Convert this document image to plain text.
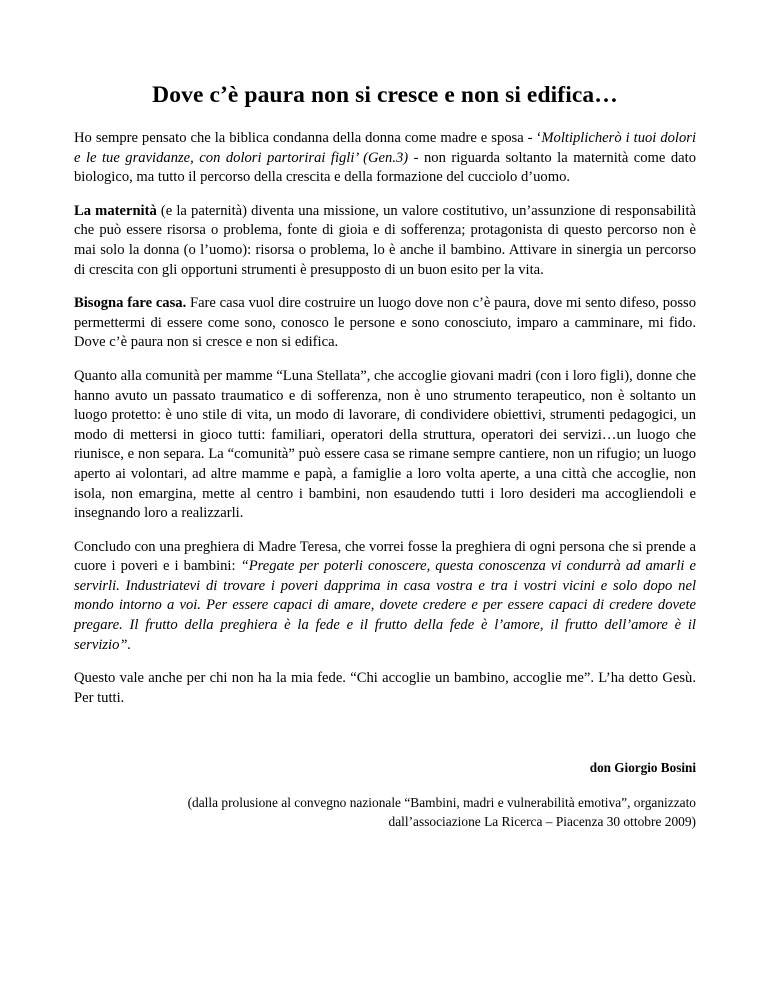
Dove c’è paura non si cresce e non si edifica…

Ho sempre pensato che la biblica condanna della donna come madre e sposa - ‘Moltiplicherò i tuoi dolori e le tue gravidanze, con dolori partorirai figli’ (Gen.3) - non riguarda soltanto la maternità come dato biologico, ma tutto il percorso della crescita e della formazione del cucciolo d’uomo.

La maternità (e la paternità) diventa una missione, un valore costitutivo, un’assunzione di responsabilità che può essere risorsa o problema, fonte di gioia e di sofferenza; protagonista di questo percorso non è mai solo la donna (o l’uomo): risorsa o problema, lo è anche il bambino. Attivare in sinergia un percorso di crescita con gli opportuni strumenti è presupposto di un buon esito per la vita.

Bisogna fare casa. Fare casa vuol dire costruire un luogo dove non c’è paura, dove mi sento difeso, posso permettermi di essere come sono, conosco le persone e sono conosciuto, imparo a camminare, mi fido. Dove c’è paura non si cresce e non si edifica.

Quanto alla comunità per mamme “Luna Stellata”, che accoglie giovani madri (con i loro figli), donne che hanno avuto un passato traumatico e di sofferenza, non è uno strumento terapeutico, non è soltanto un luogo protetto: è uno stile di vita, un modo di lavorare, di condividere obiettivi, strumenti pedagogici, un modo di mettersi in gioco tutti: familiari, operatori della struttura, operatori dei servizi…un luogo che riunisce, e non separa. La “comunità” può essere casa se rimane sempre cantiere, non un rifugio; un luogo aperto ai volontari, ad altre mamme e papà, a famiglie a loro volta aperte, a una città che accoglie, non isola, non emargina, mette al centro i bambini, non esaudendo tutti i loro desideri ma accogliendoli e insegnando loro a realizzarli.

Concludo con una preghiera di Madre Teresa, che vorrei fosse la preghiera di ogni persona che si prende a cuore i poveri e i bambini: “Pregate per poterli conoscere, questa conoscenza vi condurrà ad amarli e servirli. Industriatevi di trovare i poveri dapprima in casa vostra e tra i vostri vicini e solo dopo nel mondo intorno a voi. Per essere capaci di amare, dovete credere e per essere capaci di credere dovete pregare. Il frutto della preghiera è la fede e il frutto della fede è l’amore, il frutto dell’amore è il servizio”.

Questo vale anche per chi non ha la mia fede. “Chi accoglie un bambino, accoglie me”. L’ha detto Gesù. Per tutti.

don Giorgio Bosini
(dalla prolusione al convegno nazionale “Bambini, madri e vulnerabilità emotiva”, organizzato
dall’associazione La Ricerca – Piacenza 30 ottobre 2009)
